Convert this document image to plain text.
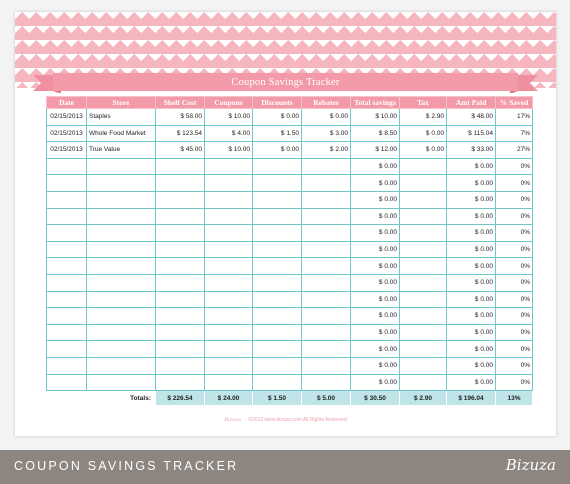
Coupon Savings Tracker
Date	Store	Shelf Cost	Coupons	Discounts	Rebates	Total savings	Tax	Amt Paid	% Saved
02/15/2013	Staples	$ 58.00	$ 10.00	$ 0.00	$ 0.00	$ 10.00	$ 2.90	$ 48.00	17%
02/15/2013	Whole Food Market	$ 123.54	$ 4.00	$ 1.50	$ 3.00	$ 8.50	$ 0.00	$ 115.04	7%
02/15/2013	True Value	$ 45.00	$ 10.00	$ 0.00	$ 2.00	$ 12.00	$ 0.00	$ 33.00	27%
						$ 0.00		$ 0.00	0%
						$ 0.00		$ 0.00	0%
						$ 0.00		$ 0.00	0%
						$ 0.00		$ 0.00	0%
						$ 0.00		$ 0.00	0%
						$ 0.00		$ 0.00	0%
						$ 0.00		$ 0.00	0%
						$ 0.00		$ 0.00	0%
						$ 0.00		$ 0.00	0%
						$ 0.00		$ 0.00	0%
						$ 0.00		$ 0.00	0%
						$ 0.00		$ 0.00	0%
						$ 0.00		$ 0.00	0%
						$ 0.00		$ 0.00	0%
Totals:		$ 226.54	$ 24.00	$ 1.50	$ 5.00	$ 30.50	$ 2.90	$ 196.04	13%
Bizuza ©2013 www.bizuza.com All Rights Reserved
COUPON SAVINGS TRACKER	Bizuza
